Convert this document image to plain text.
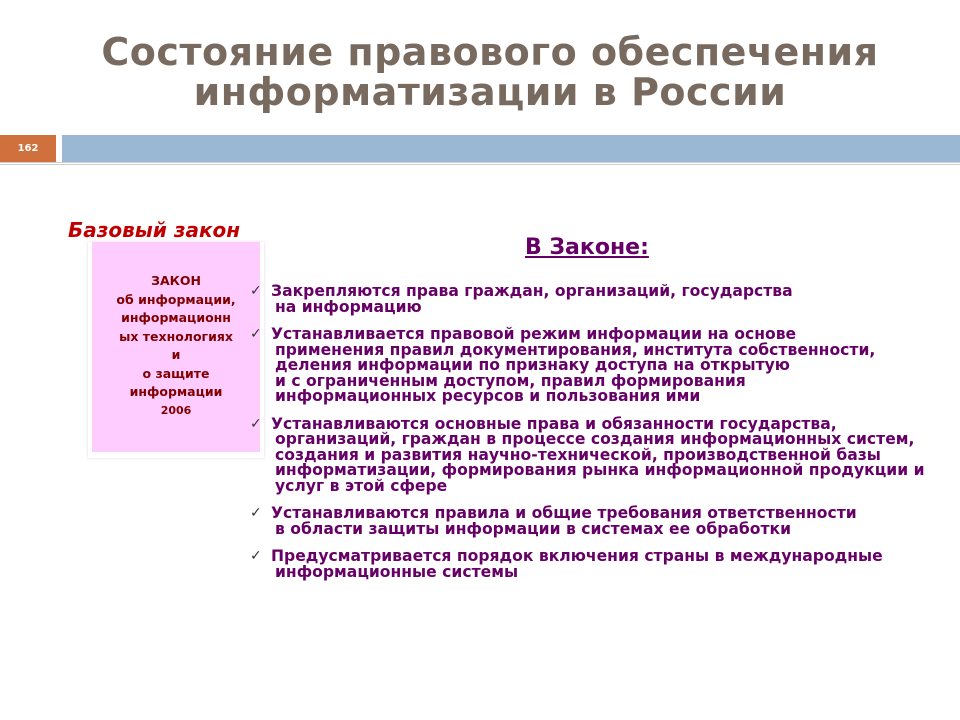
Состояние правового обеспечения
информатизации в России
162
Базовый закон
ЗАКОН
об информации,
информационн
ых технологиях
и
о защите
информации
2006
В Законе:
✓ Закрепляются права граждан, организаций, государства
на информацию
✓ Устанавливается правовой режим информации на основе
применения правил документирования, института собственности,
деления информации по признаку доступа на открытую
и с ограниченным доступом, правил формирования
информационных ресурсов и пользования ими
✓ Устанавливаются основные права и обязанности государства,
организаций, граждан в процессе создания информационных систем,
создания и развития научно-технической, производственной базы
информатизации, формирования рынка информационной продукции и
услуг в этой сфере
✓ Устанавливаются правила и общие требования ответственности
в области защиты информации в системах ее обработки
✓ Предусматривается порядок включения страны в международные
информационные системы
